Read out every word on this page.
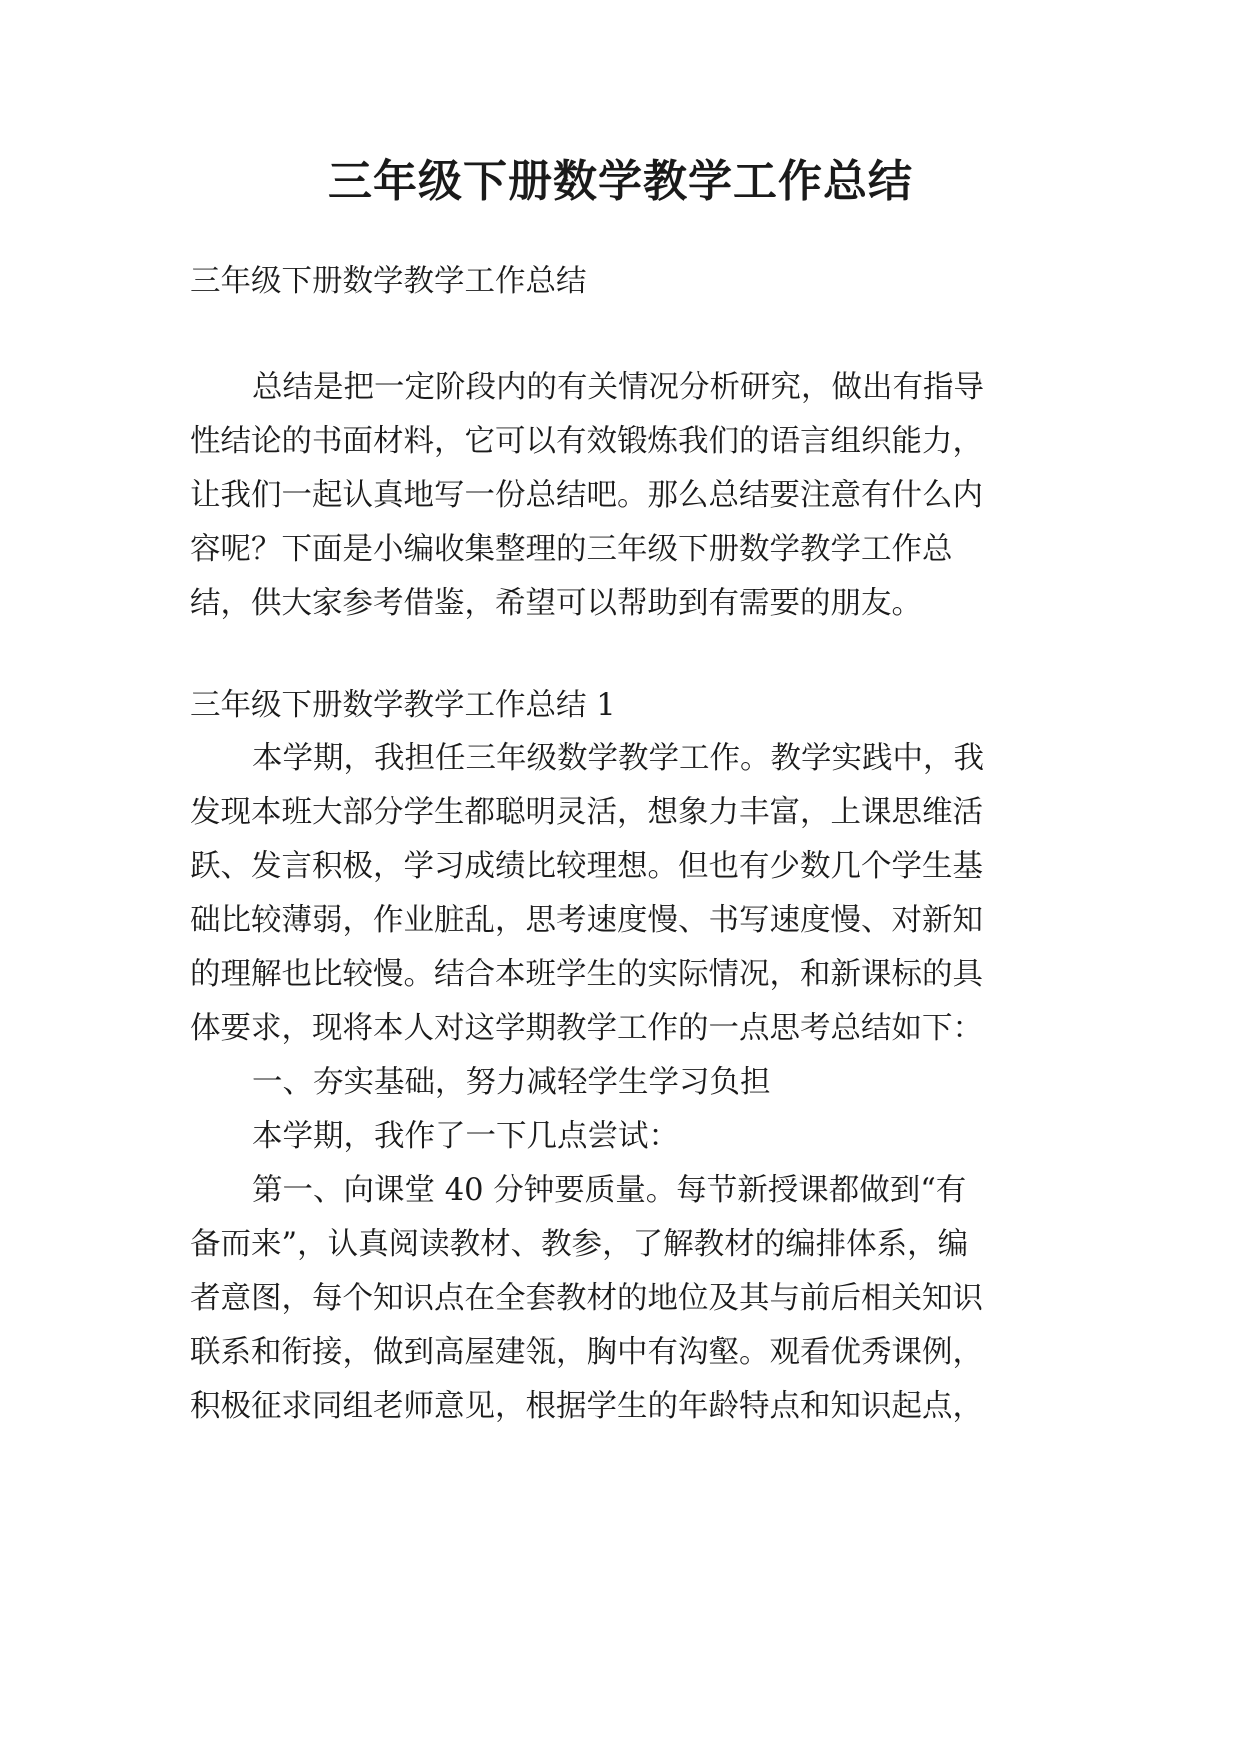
三年级下册数学教学工作总结

三年级下册数学教学工作总结

总结是把一定阶段内的有关情况分析研究，做出有指导

性结论的书面材料，它可以有效锻炼我们的语言组织能力，

让我们一起认真地写一份总结吧。那么总结要注意有什么内

容呢？下面是小编收集整理的三年级下册数学教学工作总

结，供大家参考借鉴，希望可以帮助到有需要的朋友。

三年级下册数学教学工作总结 1

本学期，我担任三年级数学教学工作。教学实践中，我

发现本班大部分学生都聪明灵活，想象力丰富，上课思维活

跃、发言积极，学习成绩比较理想。但也有少数几个学生基

础比较薄弱，作业脏乱，思考速度慢、书写速度慢、对新知

的理解也比较慢。结合本班学生的实际情况，和新课标的具

体要求，现将本人对这学期教学工作的一点思考总结如下：

一、夯实基础，努力减轻学生学习负担

本学期，我作了一下几点尝试：

第一、向课堂 40 分钟要质量。每节新授课都做到“有

备而来”，认真阅读教材、教参，了解教材的编排体系，编

者意图，每个知识点在全套教材的地位及其与前后相关知识

联系和衔接，做到高屋建瓴，胸中有沟壑。观看优秀课例，

积极征求同组老师意见，根据学生的年龄特点和知识起点，
